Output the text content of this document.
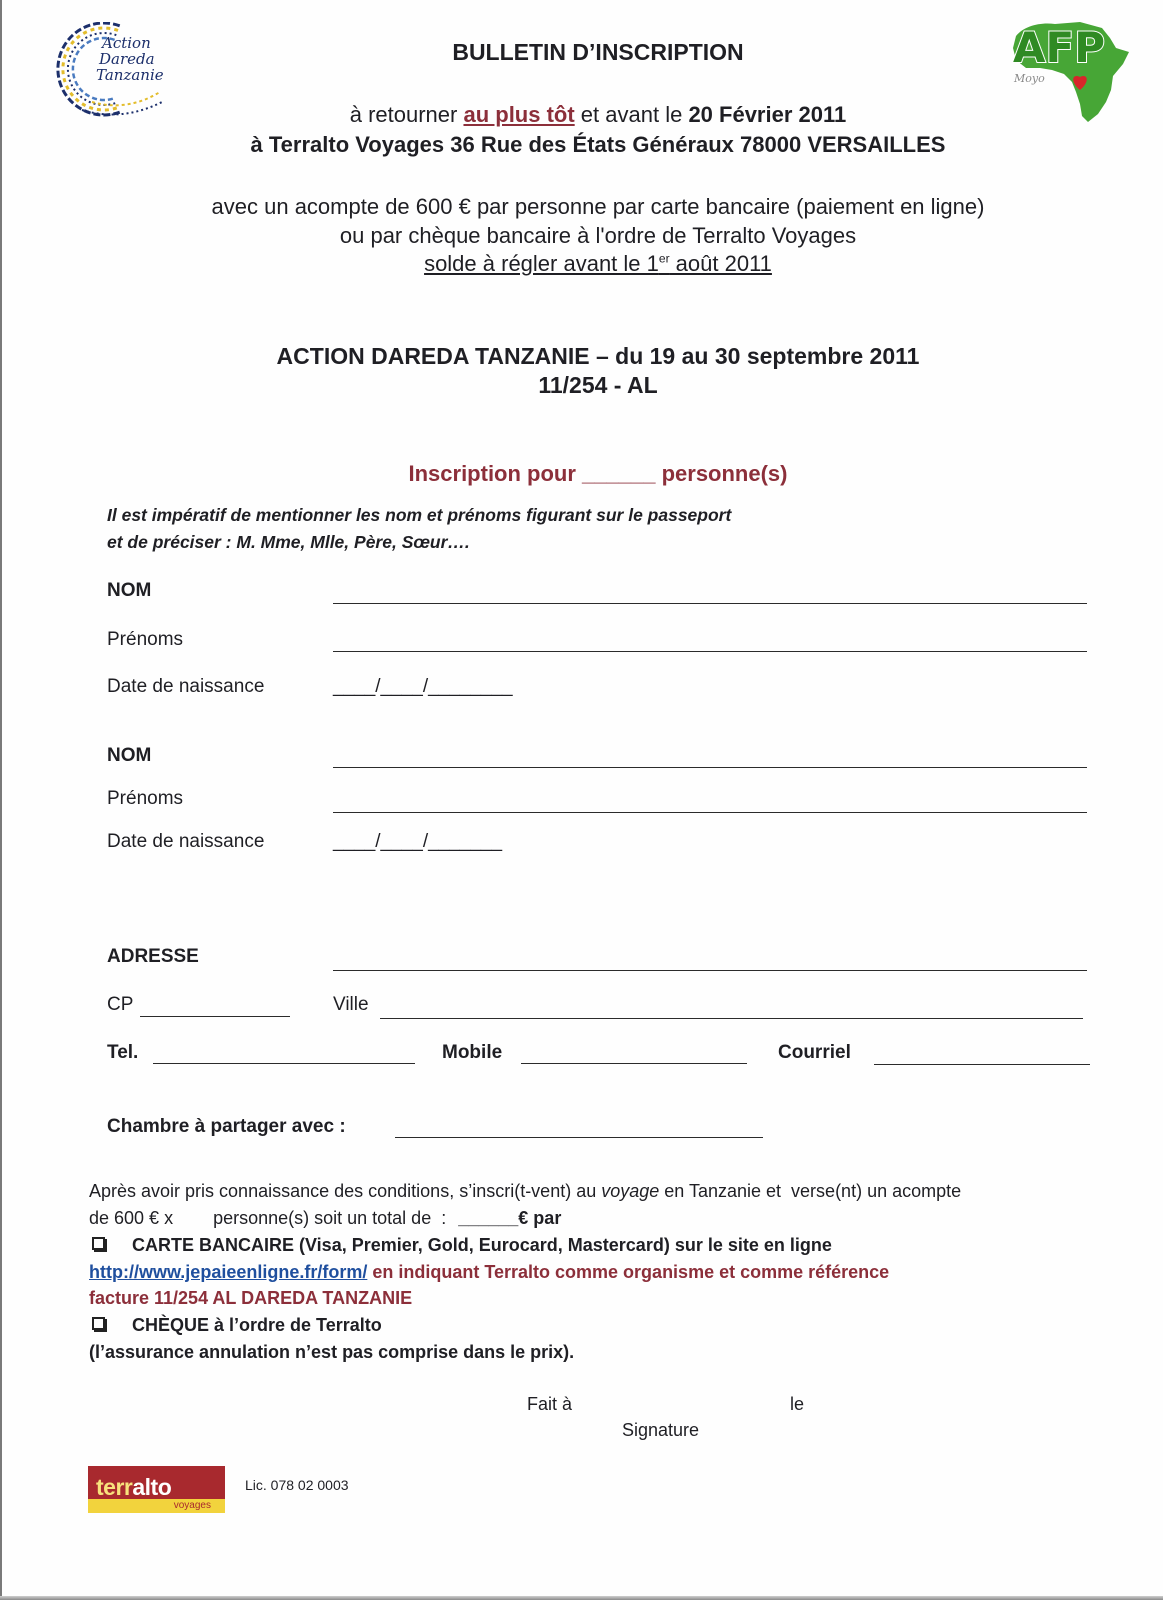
Action
Dareda
Tanzanie
AFP
Moyo
BULLETIN D’INSCRIPTION
à retourner au plus tôt et avant le 20 Février 2011
à Terralto Voyages 36 Rue des États Généraux 78000 VERSAILLES
avec un acompte de 600 € par personne par carte bancaire (paiement en ligne)
ou par chèque bancaire à l'ordre de Terralto Voyages
solde à régler avant le 1er août 2011
ACTION DAREDA TANZANIE – du 19 au 30 septembre 2011
11/254 - AL
Inscription pour ______ personne(s)
Il est impératif de mentionner les nom et prénoms figurant sur le passeport
et de préciser : M. Mme, Mlle, Père, Sœur….
NOM
Prénoms
Date de naissance	____/____/________
NOM
Prénoms
Date de naissance	____/____/_______
ADRESSE
CP	Ville
Tel.	Mobile	Courriel
Chambre à partager avec :
Après avoir pris connaissance des conditions, s’inscri(t-vent) au voyage en Tanzanie et  verse(nt) un acompte
de 600 € x personne(s) soit un total de  : ______€ par
CARTE BANCAIRE (Visa, Premier, Gold, Eurocard, Mastercard) sur le site en ligne
http://www.jepaieenligne.fr/form/ en indiquant Terralto comme organisme et comme référence
facture 11/254 AL DAREDA TANZANIE
CHÈQUE à l’ordre de Terralto
(l’assurance annulation n’est pas comprise dans le prix).
Fait à	le
Signature
terralto
voyages
Lic. 078 02 0003
